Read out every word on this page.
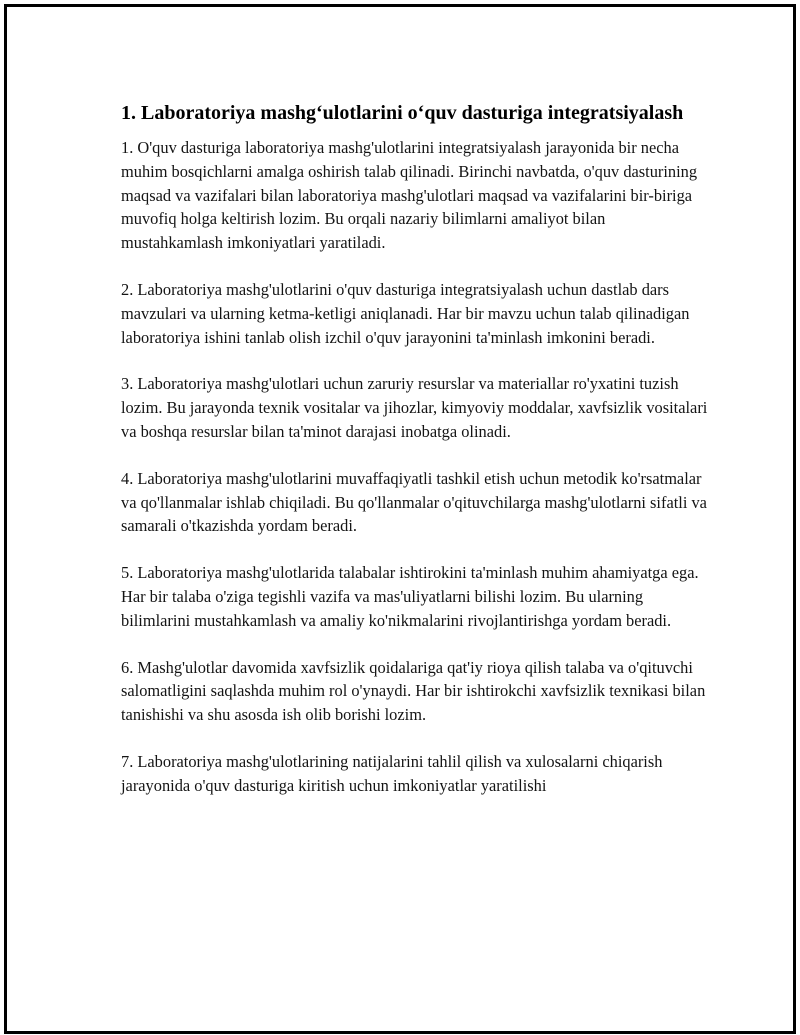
1. Laboratoriya mashg‘ulotlarini o‘quv dasturiga integratsiyalash

1. O'quv dasturiga laboratoriya mashg'ulotlarini integratsiyalash jarayonida bir necha muhim bosqichlarni amalga oshirish talab qilinadi. Birinchi navbatda, o'quv dasturining maqsad va vazifalari bilan laboratoriya mashg'ulotlari maqsad va vazifalarini bir-biriga muvofiq holga keltirish lozim. Bu orqali nazariy bilimlarni amaliyot bilan mustahkamlash imkoniyatlari yaratiladi.

2. Laboratoriya mashg'ulotlarini o'quv dasturiga integratsiyalash uchun dastlab dars mavzulari va ularning ketma-ketligi aniqlanadi. Har bir mavzu uchun talab qilinadigan laboratoriya ishini tanlab olish izchil o'quv jarayonini ta'minlash imkonini beradi.

3. Laboratoriya mashg'ulotlari uchun zaruriy resurslar va materiallar ro'yxatini tuzish lozim. Bu jarayonda texnik vositalar va jihozlar, kimyoviy moddalar, xavfsizlik vositalari va boshqa resurslar bilan ta'minot darajasi inobatga olinadi.

4. Laboratoriya mashg'ulotlarini muvaffaqiyatli tashkil etish uchun metodik ko'rsatmalar va qo'llanmalar ishlab chiqiladi. Bu qo'llanmalar o'qituvchilarga mashg'ulotlarni sifatli va samarali o'tkazishda yordam beradi.

5. Laboratoriya mashg'ulotlarida talabalar ishtirokini ta'minlash muhim ahamiyatga ega. Har bir talaba o'ziga tegishli vazifa va mas'uliyatlarni bilishi lozim. Bu ularning bilimlarini mustahkamlash va amaliy ko'nikmalarini rivojlantirishga yordam beradi.

6. Mashg'ulotlar davomida xavfsizlik qoidalariga qat'iy rioya qilish talaba va o'qituvchi salomatligini saqlashda muhim rol o'ynaydi. Har bir ishtirokchi xavfsizlik texnikasi bilan tanishishi va shu asosda ish olib borishi lozim.

7. Laboratoriya mashg'ulotlarining natijalarini tahlil qilish va xulosalarni chiqarish jarayonida o'quv dasturiga kiritish uchun imkoniyatlar yaratilishi
